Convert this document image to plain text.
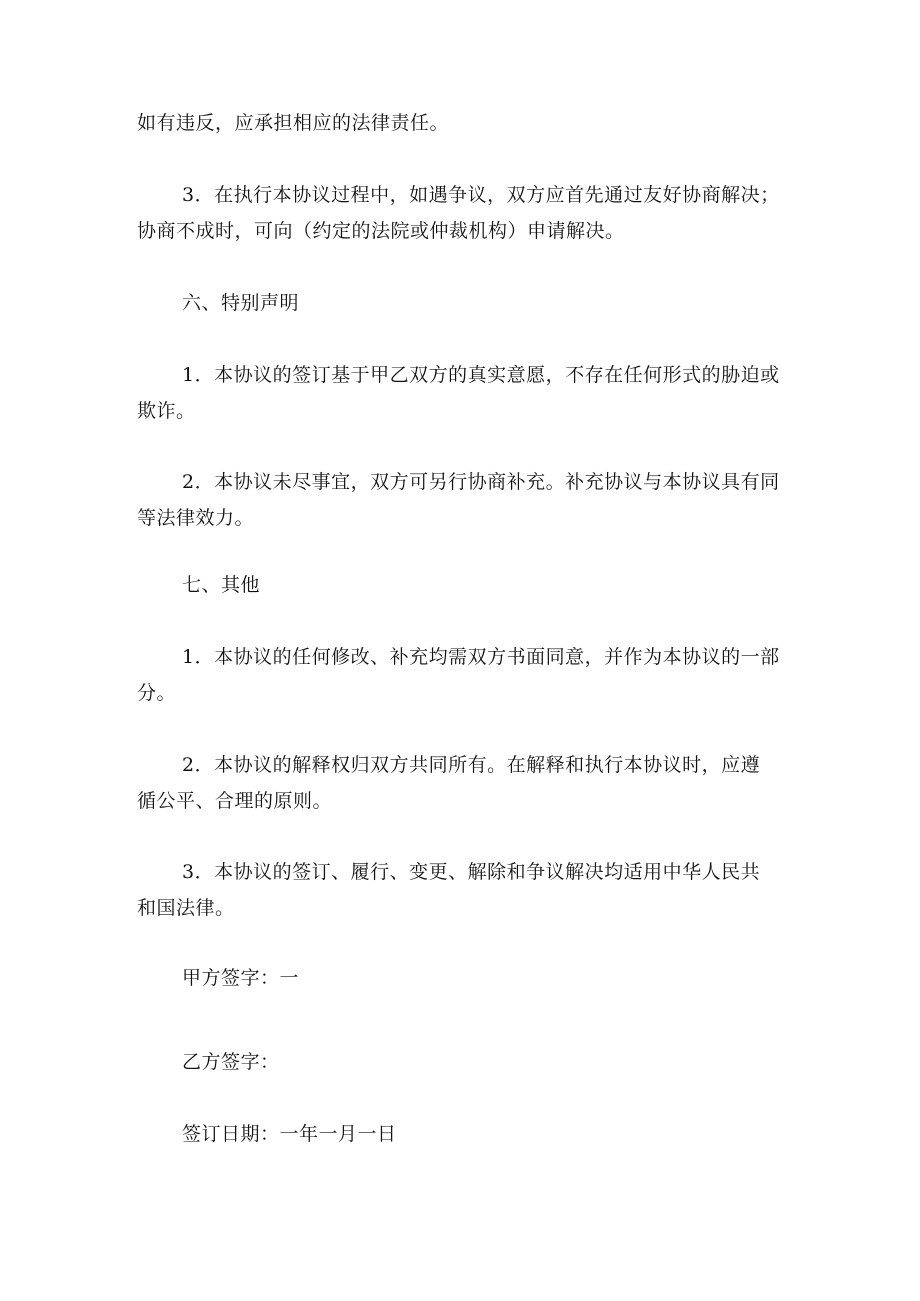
如有违反，应承担相应的法律责任。
3．在执行本协议过程中，如遇争议，双方应首先通过友好协商解决；
协商不成时，可向（约定的法院或仲裁机构）申请解决。
六、特别声明
1．本协议的签订基于甲乙双方的真实意愿，不存在任何形式的胁迫或
欺诈。
2．本协议未尽事宜，双方可另行协商补充。补充协议与本协议具有同
等法律效力。
七、其他
1．本协议的任何修改、补充均需双方书面同意，并作为本协议的一部
分。
2．本协议的解释权归双方共同所有。在解释和执行本协议时，应遵
循公平、合理的原则。
3．本协议的签订、履行、变更、解除和争议解决均适用中华人民共
和国法律。
甲方签字：一
乙方签字：
签订日期：一年一月一日
